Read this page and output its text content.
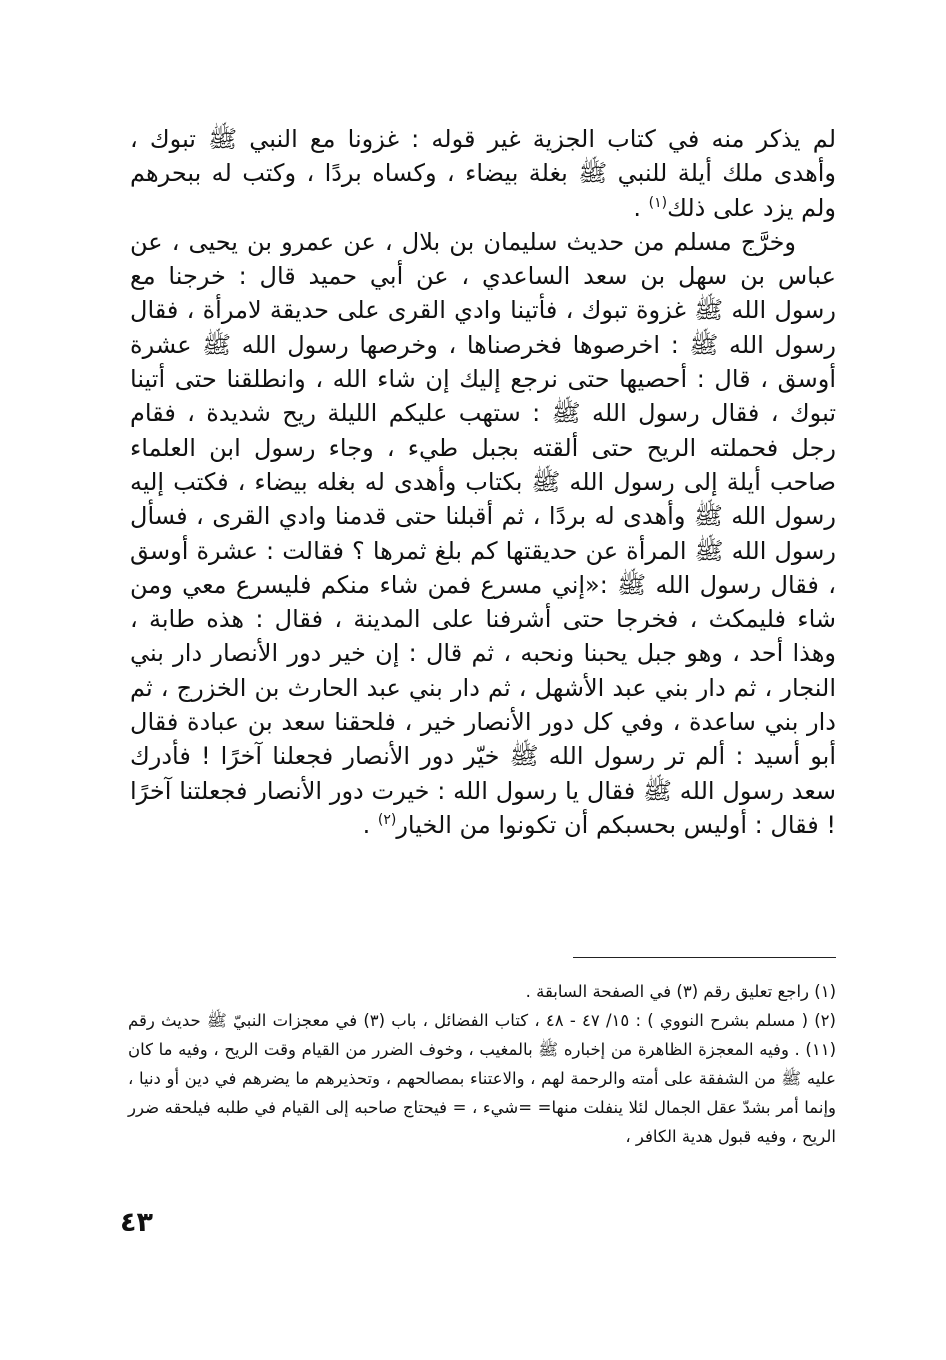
لم يذكر منه في كتاب الجزية غير قوله : غزونا مع النبي ﷺ تبوك ، وأهدى ملك أيلة للنبي ﷺ بغلة بيضاء ، وكساه بردًا ، وكتب له ببحرهم ولم يزد على ذلك$^{(١)}$ .

وخرَّج مسلم من حديث سليمان بن بلال ، عن عمرو بن يحيى ، عن عباس بن سهل بن سعد الساعدي ، عن أبي حميد قال : خرجنا مع رسول الله ﷺ غزوة تبوك ، فأتينا وادي القرى على حديقة لامرأة ، فقال رسول الله ﷺ : اخرصوها فخرصناها ، وخرصها رسول الله ﷺ عشرة أوسق ، قال : أحصيها حتى نرجع إليك إن شاء الله ، وانطلقنا حتى أتينا تبوك ، فقال رسول الله ﷺ : ستهب عليكم الليلة ريح شديدة ، فقام رجل فحملته الريح حتى ألقته بجبل طيء ، وجاء رسول ابن العلماء صاحب أيلة إلى رسول الله ﷺ بكتاب وأهدى له بغله بيضاء ، فكتب إليه رسول الله ﷺ وأهدى له بردًا ، ثم أقبلنا حتى قدمنا وادي القرى ، فسأل رسول الله ﷺ المرأة عن حديقتها كم بلغ ثمرها ؟ فقالت : عشرة أوسق ، فقال رسول الله ﷺ :«إني مسرع فمن شاء منكم فليسرع معي ومن شاء فليمكث ، فخرجا حتى أشرفنا على المدينة ، فقال : هذه طابة ، وهذا أحد ، وهو جبل يحبنا ونحبه ، ثم قال : إن خير دور الأنصار دار بني النجار ، ثم دار بني عبد الأشهل ، ثم دار بني عبد الحارث بن الخزرج ، ثم دار بني ساعدة ، وفي كل دور الأنصار خير ، فلحقنا سعد بن عبادة فقال أبو أسيد : ألم تر رسول الله ﷺ خيّر دور الأنصار فجعلنا آخرًا ! فأدرك سعد رسول الله ﷺ فقال يا رسول الله : خيرت دور الأنصار فجعلتنا آخرًا ! فقال : أوليس بحسبكم أن تكونوا من الخيار$^{(٢)}$ .

(١) راجع تعليق رقم (٣) في الصفحة السابقة .

(٢) ( مسلم بشرح النووي ) : ١٥/ ٤٧ - ٤٨ ، كتاب الفضائل ، باب (٣) في معجزات النبيّ ﷺ حديث رقم (١١) . وفيه المعجزة الظاهرة من إخباره ﷺ بالمغيب ، وخوف الضرر من القيام وقت الريح ، وفيه ما كان عليه ﷺ من الشفقة على أمته والرحمة لهم ، والاعتناء بمصالحهم ، وتحذيرهم ما يضرهم في دين أو دنيا ، وإنما أمر بشدّ عقل الجمال لئلا ينفلت منها= =شيء ، = فيحتاج صاحبه إلى القيام في طلبه فيلحقه ضرر الريح ، وفيه قبول هدية الكافر ،

٤٣
